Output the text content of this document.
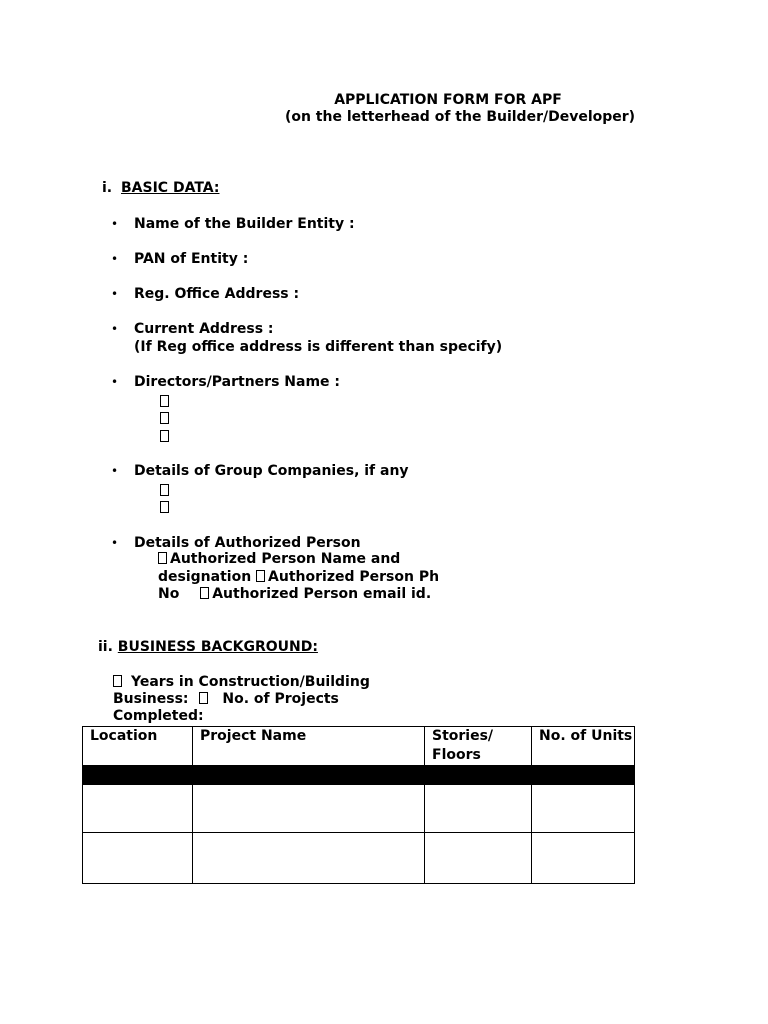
APPLICATION FORM FOR APF
(on the letterhead of the Builder/Developer)
i. BASIC DATA:
• Name of the Builder Entity :
• PAN of Entity :
• Reg. Office Address :
• Current Address :
(If Reg office address is different than specify)
• Directors/Partners Name :
• Details of Group Companies, if any
• Details of Authorized Person
Authorized Person Name and
designation Authorized Person Ph
No Authorized Person email id.
ii. BUSINESS BACKGROUND:
Years in Construction/Building
Business: No. of Projects
Completed:
Location	Project Name	Stories/ Floors	No. of Units
